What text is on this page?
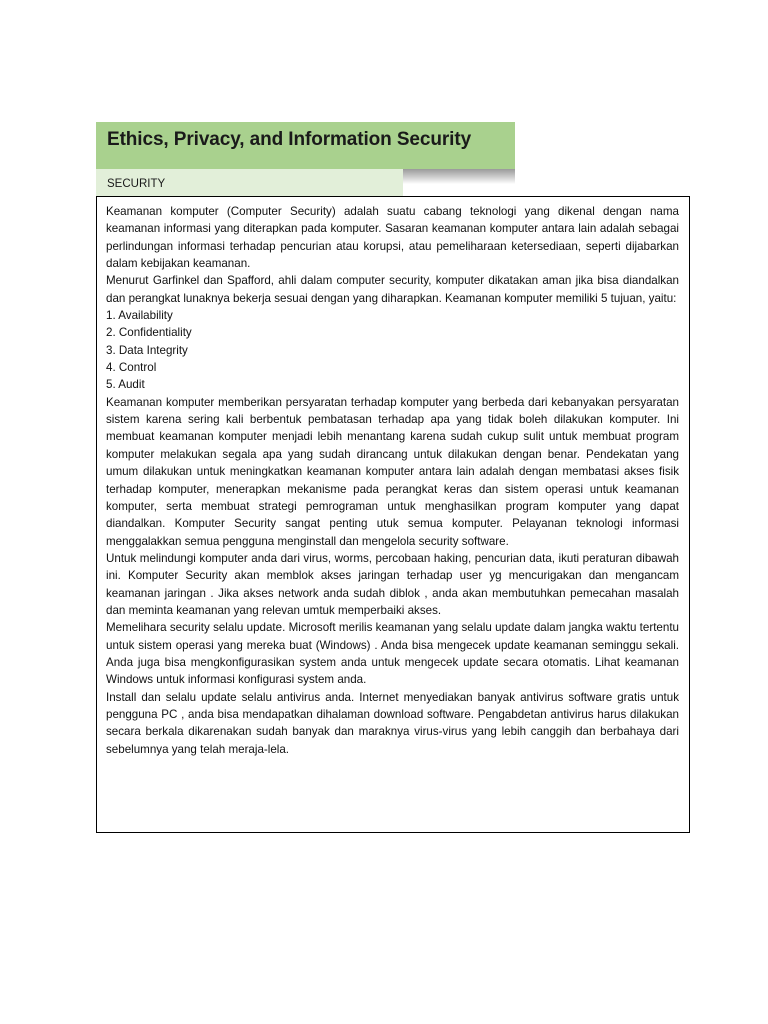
Ethics, Privacy, and Information Security
SECURITY

Keamanan komputer (Computer Security) adalah suatu cabang teknologi yang dikenal dengan nama keamanan informasi yang diterapkan pada komputer. Sasaran keamanan komputer antara lain adalah sebagai perlindungan informasi terhadap pencurian atau korupsi, atau pemeliharaan ketersediaan, seperti dijabarkan dalam kebijakan keamanan.

Menurut Garfinkel dan Spafford, ahli dalam computer security, komputer dikatakan aman jika bisa diandalkan dan perangkat lunaknya bekerja sesuai dengan yang diharapkan. Keamanan komputer memiliki 5 tujuan, yaitu:

1. Availability

2. Confidentiality

3. Data Integrity

4. Control

5. Audit

Keamanan komputer memberikan persyaratan terhadap komputer yang berbeda dari kebanyakan persyaratan sistem karena sering kali berbentuk pembatasan terhadap apa yang tidak boleh dilakukan komputer. Ini membuat keamanan komputer menjadi lebih menantang karena sudah cukup sulit untuk membuat program komputer melakukan segala apa yang sudah dirancang untuk dilakukan dengan benar. Pendekatan yang umum dilakukan untuk meningkatkan keamanan komputer antara lain adalah dengan membatasi akses fisik terhadap komputer, menerapkan mekanisme pada perangkat keras dan sistem operasi untuk keamanan komputer, serta membuat strategi pemrograman untuk menghasilkan program komputer yang dapat diandalkan. Komputer Security sangat penting utuk semua komputer. Pelayanan teknologi informasi menggalakkan semua pengguna menginstall dan mengelola security software.

Untuk melindungi komputer anda dari virus, worms, percobaan haking, pencurian data, ikuti peraturan dibawah ini. Komputer Security akan memblok akses jaringan terhadap user yg mencurigakan dan mengancam keamanan jaringan . Jika akses network anda sudah diblok , anda akan membutuhkan pemecahan masalah dan meminta keamanan yang relevan umtuk memperbaiki akses.

Memelihara security selalu update. Microsoft merilis keamanan yang selalu update dalam jangka waktu tertentu untuk sistem operasi yang mereka buat (Windows) . Anda bisa mengecek update keamanan seminggu sekali. Anda juga bisa mengkonfigurasikan system anda untuk mengecek update secara otomatis. Lihat keamanan Windows untuk informasi konfigurasi system anda.

Install dan selalu update selalu antivirus anda. Internet menyediakan banyak antivirus software gratis untuk pengguna PC , anda bisa mendapatkan dihalaman download software. Pengabdetan antivirus harus dilakukan secara berkala dikarenakan sudah banyak dan maraknya virus-virus yang lebih canggih dan berbahaya dari sebelumnya yang telah meraja-lela.
